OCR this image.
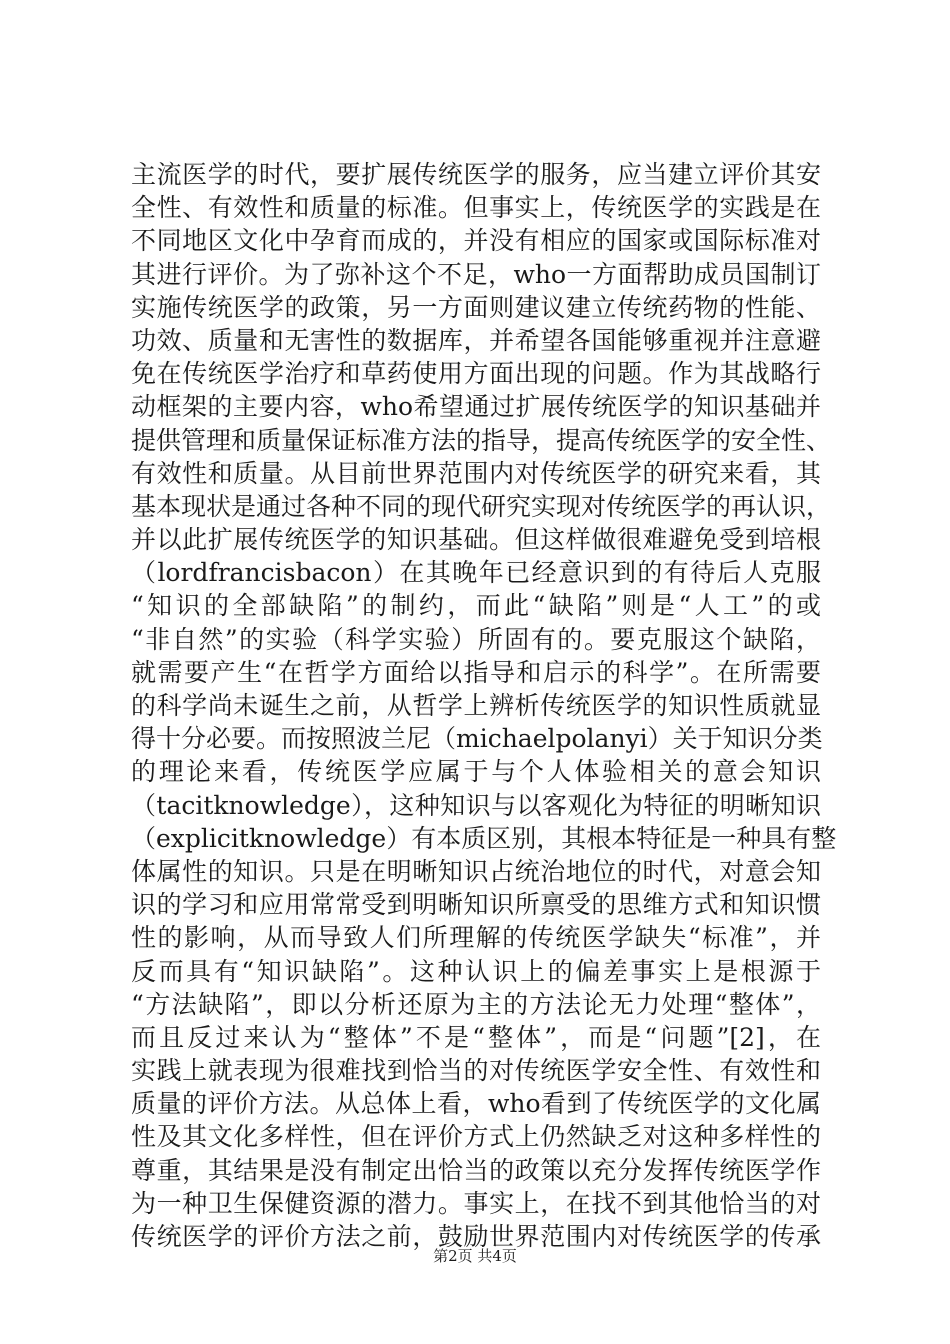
主流医学的时代，要扩展传统医学的服务，应当建立评价其安
全性、有效性和质量的标准。但事实上，传统医学的实践是在
不同地区文化中孕育而成的，并没有相应的国家或国际标准对
其进行评价。为了弥补这个不足，who一方面帮助成员国制订
实施传统医学的政策，另一方面则建议建立传统药物的性能、
功效、质量和无害性的数据库，并希望各国能够重视并注意避
免在传统医学治疗和草药使用方面出现的问题。作为其战略行
动框架的主要内容，who希望通过扩展传统医学的知识基础并
提供管理和质量保证标准方法的指导，提高传统医学的安全性、
有效性和质量。从目前世界范围内对传统医学的研究来看，其
基本现状是通过各种不同的现代研究实现对传统医学的再认识，
并以此扩展传统医学的知识基础。但这样做很难避免受到培根
（lordfrancisbacon）在其晚年已经意识到的有待后人克服
“知识的全部缺陷”的制约，而此“缺陷”则是“人工”的或
“非自然”的实验（科学实验）所固有的。要克服这个缺陷，
就需要产生“在哲学方面给以指导和启示的科学”。在所需要
的科学尚未诞生之前，从哲学上辨析传统医学的知识性质就显
得十分必要。而按照波兰尼（michaelpolanyi）关于知识分类
的理论来看，传统医学应属于与个人体验相关的意会知识
（tacitknowledge），这种知识与以客观化为特征的明晰知识
（explicitknowledge）有本质区别，其根本特征是一种具有整
体属性的知识。只是在明晰知识占统治地位的时代，对意会知
识的学习和应用常常受到明晰知识所禀受的思维方式和知识惯
性的影响，从而导致人们所理解的传统医学缺失“标准”，并
反而具有“知识缺陷”。这种认识上的偏差事实上是根源于
“方法缺陷”，即以分析还原为主的方法论无力处理“整体”，
而且反过来认为“整体”不是“整体”，而是“问题”[2]，在
实践上就表现为很难找到恰当的对传统医学安全性、有效性和
质量的评价方法。从总体上看，who看到了传统医学的文化属
性及其文化多样性，但在评价方式上仍然缺乏对这种多样性的
尊重，其结果是没有制定出恰当的政策以充分发挥传统医学作
为一种卫生保健资源的潜力。事实上，在找不到其他恰当的对
传统医学的评价方法之前，鼓励世界范围内对传统医学的传承
第2页 共4页
